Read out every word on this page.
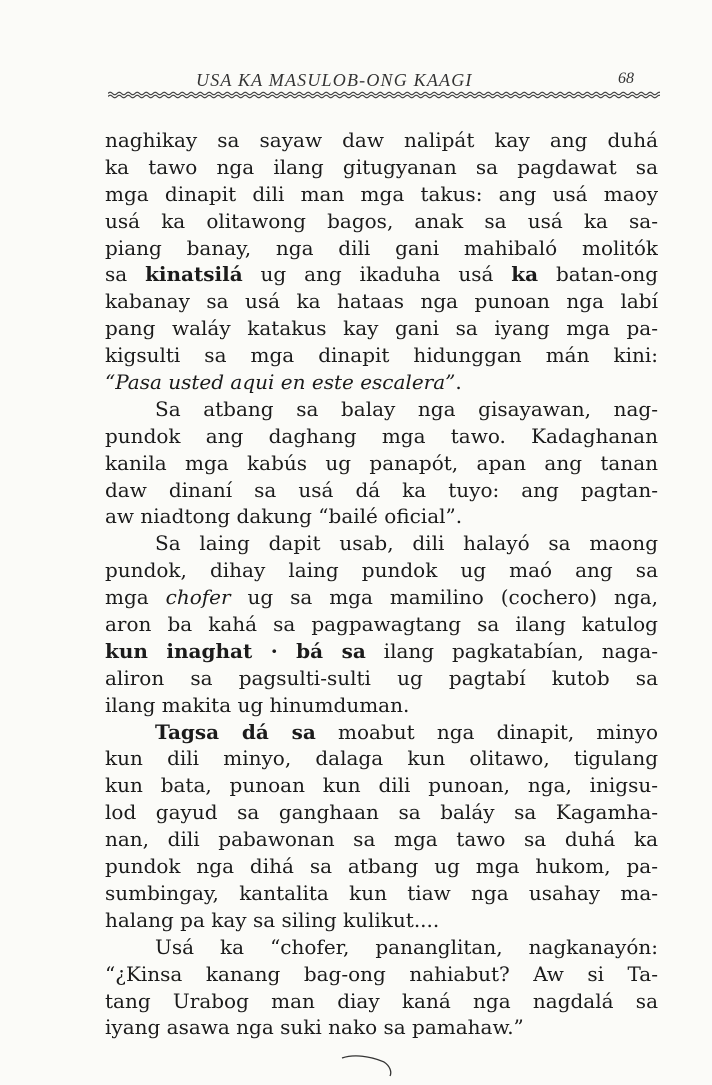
USA KA MASULOB-ONG KAAGI	68
naghikay sa sayaw daw nalipát kay ang duhá
ka tawo nga ilang gitugyanan sa pagdawat sa
mga dinapit dili man mga takus: ang usá maoy
usá ka olitawong bagos, anak sa usá ka sa-
piang banay, nga dili gani mahibaló molitók
sa kinatsilá ug ang ikaduha usá ka batan-ong
kabanay sa usá ka hataas nga punoan nga labí
pang waláy katakus kay gani sa iyang mga pa-
kigsulti sa mga dinapit hidunggan mán kini:
“Pasa usted aqui en este escalera”.
Sa atbang sa balay nga gisayawan, nag-
pundok ang daghang mga tawo. Kadaghanan
kanila mga kabús ug panapót, apan ang tanan
daw dinaní sa usá dá ka tuyo: ang pagtan-
aw niadtong dakung “bailé oficial”.
Sa laing dapit usab, dili halayó sa maong
pundok, dihay laing pundok ug maó ang sa
mga chofer ug sa mga mamilino (cochero) nga,
aron ba kahá sa pagpawagtang sa ilang katulog
kun inaghat · bá sa ilang pagkatabían, naga-
aliron sa pagsulti-sulti ug pagtabí kutob sa
ilang makita ug hinumduman.
Tagsa dá sa moabut nga dinapit, minyo
kun dili minyo, dalaga kun olitawo, tigulang
kun bata, punoan kun dili punoan, nga, inigsu-
lod gayud sa ganghaan sa baláy sa Kagamha-
nan, dili pabawonan sa mga tawo sa duhá ka
pundok nga dihá sa atbang ug mga hukom, pa-
sumbingay, kantalita kun tiaw nga usahay ma-
halang pa kay sa siling kulikut....
Usá ka “chofer, pananglitan, nagkanayón:
“¿Kinsa kanang bag-ong nahiabut? Aw si Ta-
tang Urabog man diay kaná nga nagdalá sa
iyang asawa nga suki nako sa pamahaw.”
